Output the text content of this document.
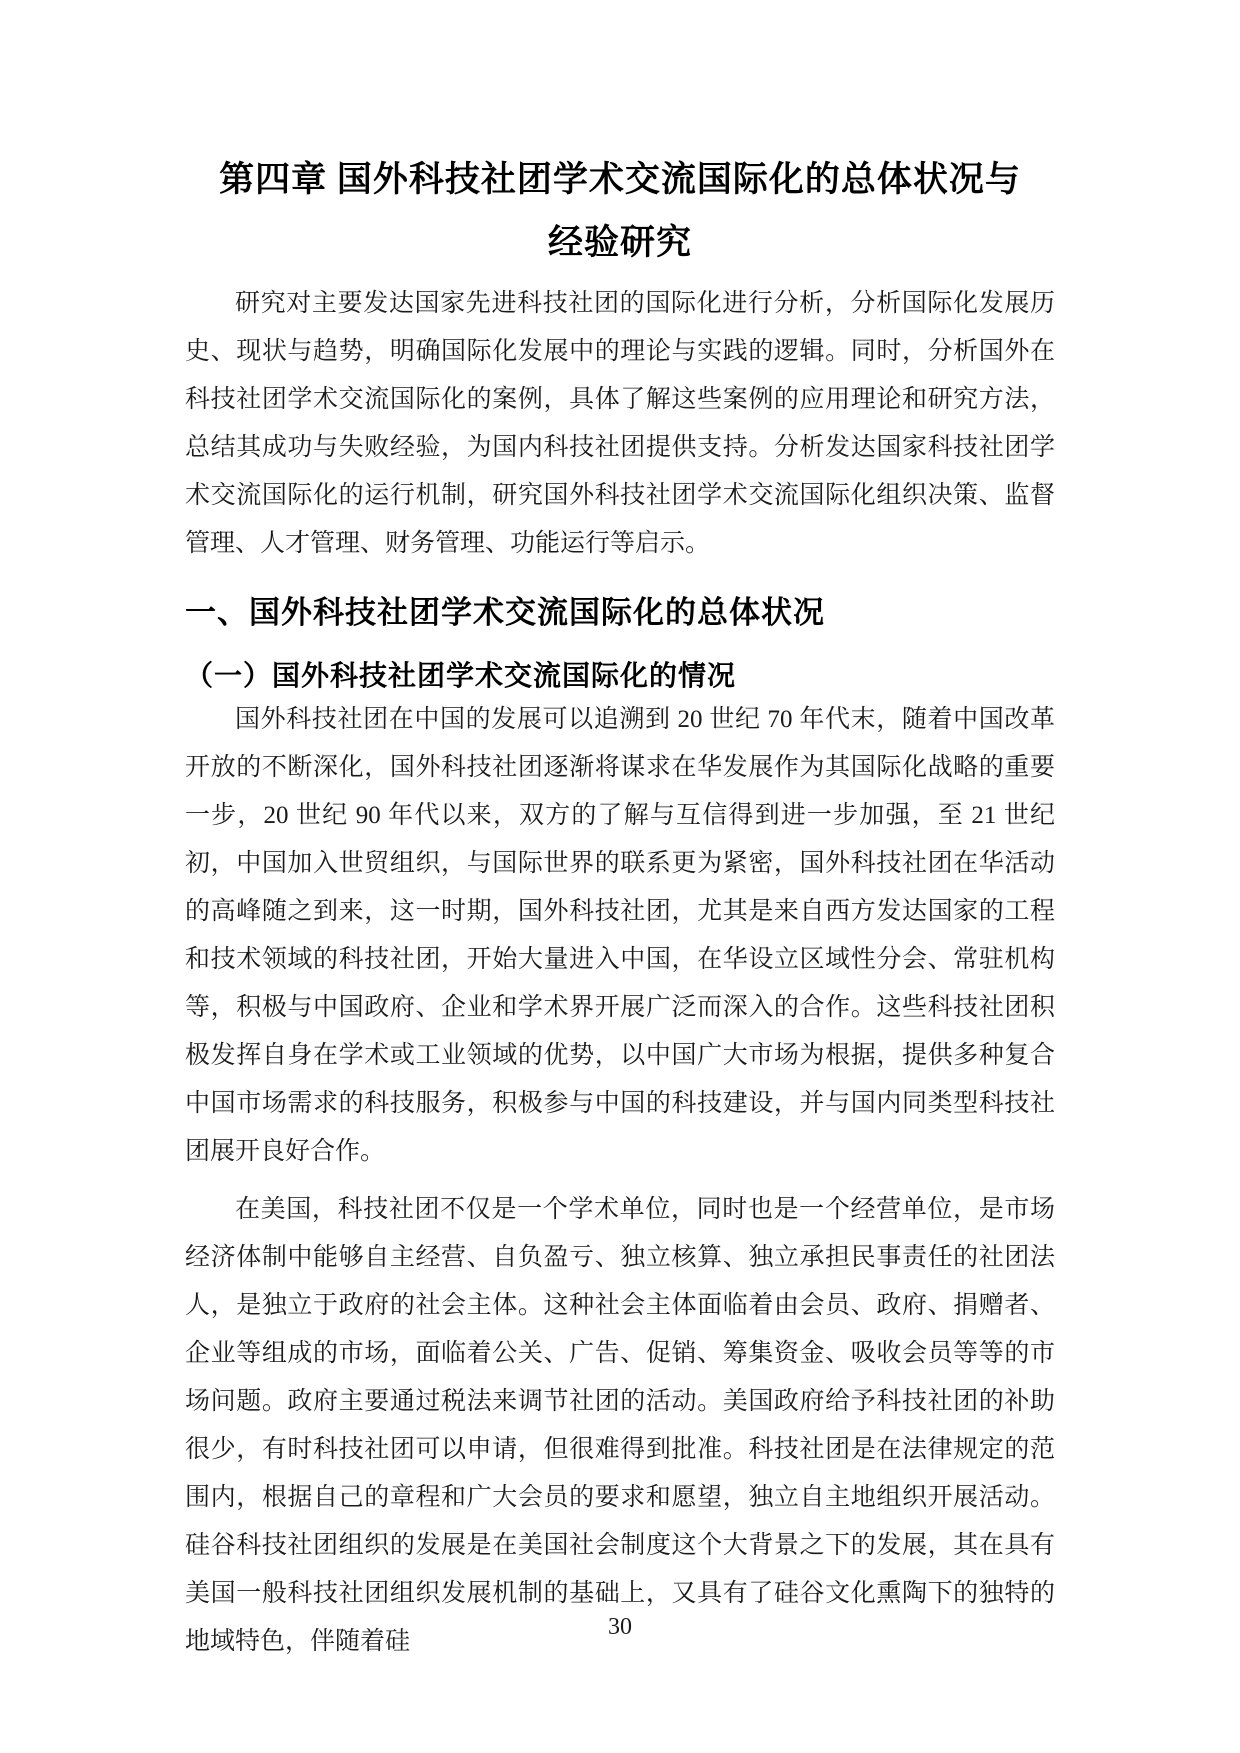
第四章 国外科技社团学术交流国际化的总体状况与
经验研究

研究对主要发达国家先进科技社团的国际化进行分析，分析国际化发展历史、现状与趋势，明确国际化发展中的理论与实践的逻辑。同时，分析国外在科技社团学术交流国际化的案例，具体了解这些案例的应用理论和研究方法，总结其成功与失败经验，为国内科技社团提供支持。分析发达国家科技社团学术交流国际化的运行机制，研究国外科技社团学术交流国际化组织决策、监督管理、人才管理、财务管理、功能运行等启示。

一、国外科技社团学术交流国际化的总体状况
（一）国外科技社团学术交流国际化的情况

国外科技社团在中国的发展可以追溯到 20 世纪 70 年代末，随着中国改革开放的不断深化，国外科技社团逐渐将谋求在华发展作为其国际化战略的重要一步，20 世纪 90 年代以来，双方的了解与互信得到进一步加强，至 21 世纪初，中国加入世贸组织，与国际世界的联系更为紧密，国外科技社团在华活动的高峰随之到来，这一时期，国外科技社团，尤其是来自西方发达国家的工程和技术领域的科技社团，开始大量进入中国，在华设立区域性分会、常驻机构等，积极与中国政府、企业和学术界开展广泛而深入的合作。这些科技社团积极发挥自身在学术或工业领域的优势，以中国广大市场为根据，提供多种复合中国市场需求的科技服务，积极参与中国的科技建设，并与国内同类型科技社团展开良好合作。

在美国，科技社团不仅是一个学术单位，同时也是一个经营单位，是市场经济体制中能够自主经营、自负盈亏、独立核算、独立承担民事责任的社团法人，是独立于政府的社会主体。这种社会主体面临着由会员、政府、捐赠者、企业等组成的市场，面临着公关、广告、促销、筹集资金、吸收会员等等的市场问题。政府主要通过税法来调节社团的活动。美国政府给予科技社团的补助很少，有时科技社团可以申请，但很难得到批准。科技社团是在法律规定的范围内，根据自己的章程和广大会员的要求和愿望，独立自主地组织开展活动。硅谷科技社团组织的发展是在美国社会制度这个大背景之下的发展，其在具有美国一般科技社团组织发展机制的基础上，又具有了硅谷文化熏陶下的独特的地域特色，伴随着硅

30
